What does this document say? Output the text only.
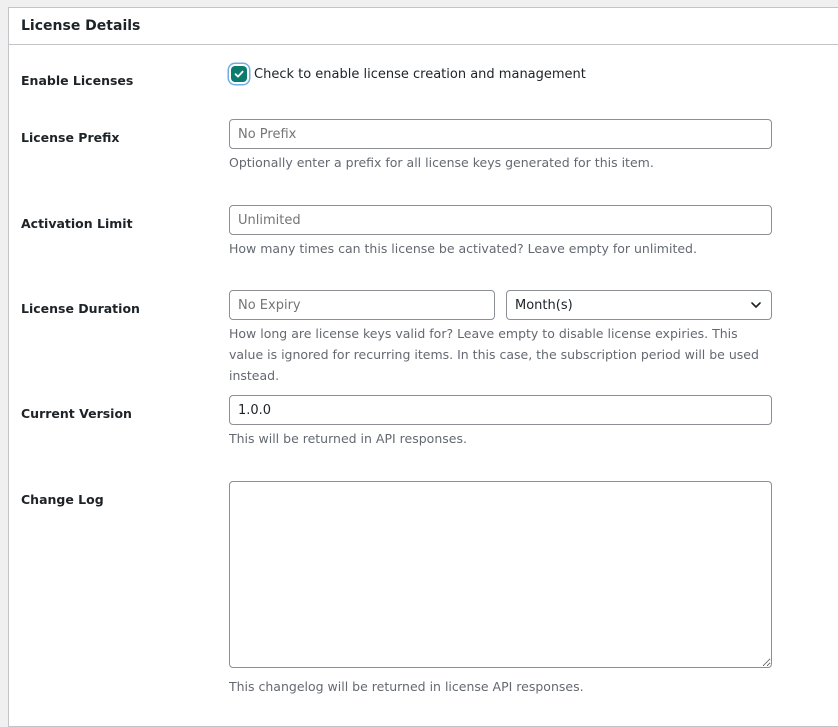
License Details
Enable Licenses	Check to enable license creation and management
License Prefix
No Prefix
Optionally enter a prefix for all license keys generated for this item.
Activation Limit
Unlimited
How many times can this license be activated? Leave empty for unlimited.
License Duration
No Expiry	Month(s)
How long are license keys valid for? Leave empty to disable license expiries. This value is ignored for recurring items. In this case, the subscription period will be used instead.
Current Version
1.0.0
This will be returned in API responses.
Change Log
This changelog will be returned in license API responses.
